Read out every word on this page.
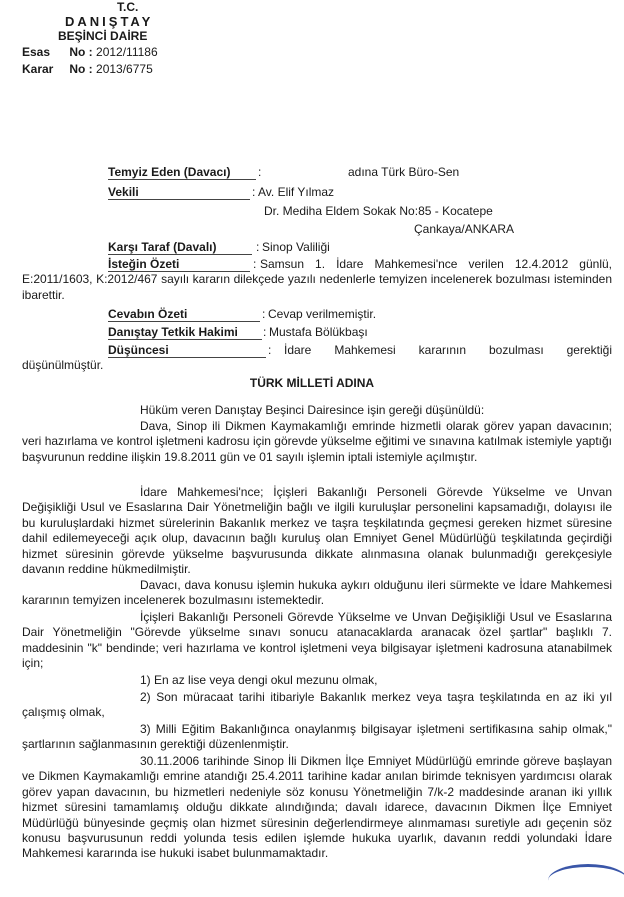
T.C.
DANIŞTAY
BEŞİNCİ DAİRE
Esas No : 2012/11186
Karar No : 2013/6775
Temyiz Eden (Davacı)	:	adına Türk Büro-Sen
Vekili	: Av. Elif Yılmaz
Dr. Mediha Eldem Sokak No:85 - Kocatepe
Çankaya/ANKARA
Karşı Taraf (Davalı)	: Sinop Valiliği
İsteğin Özeti	: Samsun 1. İdare Mahkemesi'nce verilen 12.4.2012 günlü, E:2011/1603, K:2012/467 sayılı kararın dilekçede yazılı nedenlerle temyizen incelenerek bozulması isteminden ibarettir.

Cevabın Özeti	: Cevap verilmemiştir.
Danıştay Tetkik Hakimi	: Mustafa Bölükbaşı
Düşüncesi	:	İdare Mahkemesi kararının bozulması gerektiği düşünülmüştür.

TÜRK MİLLETİ ADINA

Hüküm veren Danıştay Beşinci Dairesince işin gereği düşünüldü:

Dava, Sinop ili Dikmen Kaymakamlığı emrinde hizmetli olarak görev yapan davacının; veri hazırlama ve kontrol işletmeni kadrosu için görevde yükselme eğitimi ve sınavına katılmak istemiyle yaptığı başvurunun reddine ilişkin 19.8.2011 gün ve 01 sayılı işlemin iptali istemiyle açılmıştır.

İdare Mahkemesi'nce; İçişleri Bakanlığı Personeli Görevde Yükselme ve Unvan Değişikliği Usul ve Esaslarına Dair Yönetmeliğin bağlı ve ilgili kuruluşlar personelini kapsamadığı, dolayısı ile bu kuruluşlardaki hizmet sürelerinin Bakanlık merkez ve taşra teşkilatında geçmesi gereken hizmet süresine dahil edilemeyeceği açık olup, davacının bağlı kuruluş olan Emniyet Genel Müdürlüğü teşkilatında geçirdiği hizmet süresinin görevde yükselme başvurusunda dikkate alınmasına olanak bulunmadığı gerekçesiyle davanın reddine hükmedilmiştir.

Davacı, dava konusu işlemin hukuka aykırı olduğunu ileri sürmekte ve İdare Mahkemesi kararının temyizen incelenerek bozulmasını istemektedir.

İçişleri Bakanlığı Personeli Görevde Yükselme ve Unvan Değişikliği Usul ve Esaslarına Dair Yönetmeliğin "Görevde yükselme sınavı sonucu atanacaklarda aranacak özel şartlar" başlıklı 7. maddesinin "k" bendinde; veri hazırlama ve kontrol işletmeni veya bilgisayar işletmeni kadrosuna atanabilmek için;

1) En az lise veya dengi okul mezunu olmak,

2) Son müracaat tarihi itibariyle Bakanlık merkez veya taşra teşkilatında en az iki yıl çalışmış olmak,

3) Milli Eğitim Bakanlığınca onaylanmış bilgisayar işletmeni sertifikasına sahip olmak," şartlarının sağlanmasının gerektiği düzenlenmiştir.

30.11.2006 tarihinde Sinop İli Dikmen İlçe Emniyet Müdürlüğü emrinde göreve başlayan ve Dikmen Kaymakamlığı emrine atandığı 25.4.2011 tarihine kadar anılan birimde teknisyen yardımcısı olarak görev yapan davacının, bu hizmetleri nedeniyle söz konusu Yönetmeliğin 7/k-2 maddesinde aranan iki yıllık hizmet süresini tamamlamış olduğu dikkate alındığında; davalı idarece, davacının Dikmen İlçe Emniyet Müdürlüğü bünyesinde geçmiş olan hizmet süresinin değerlendirmeye alınmaması suretiyle adı geçenin söz konusu başvurusunun reddi yolunda tesis edilen işlemde hukuka uyarlık, davanın reddi yolundaki İdare Mahkemesi kararında ise hukuki isabet bulunmamaktadır.
